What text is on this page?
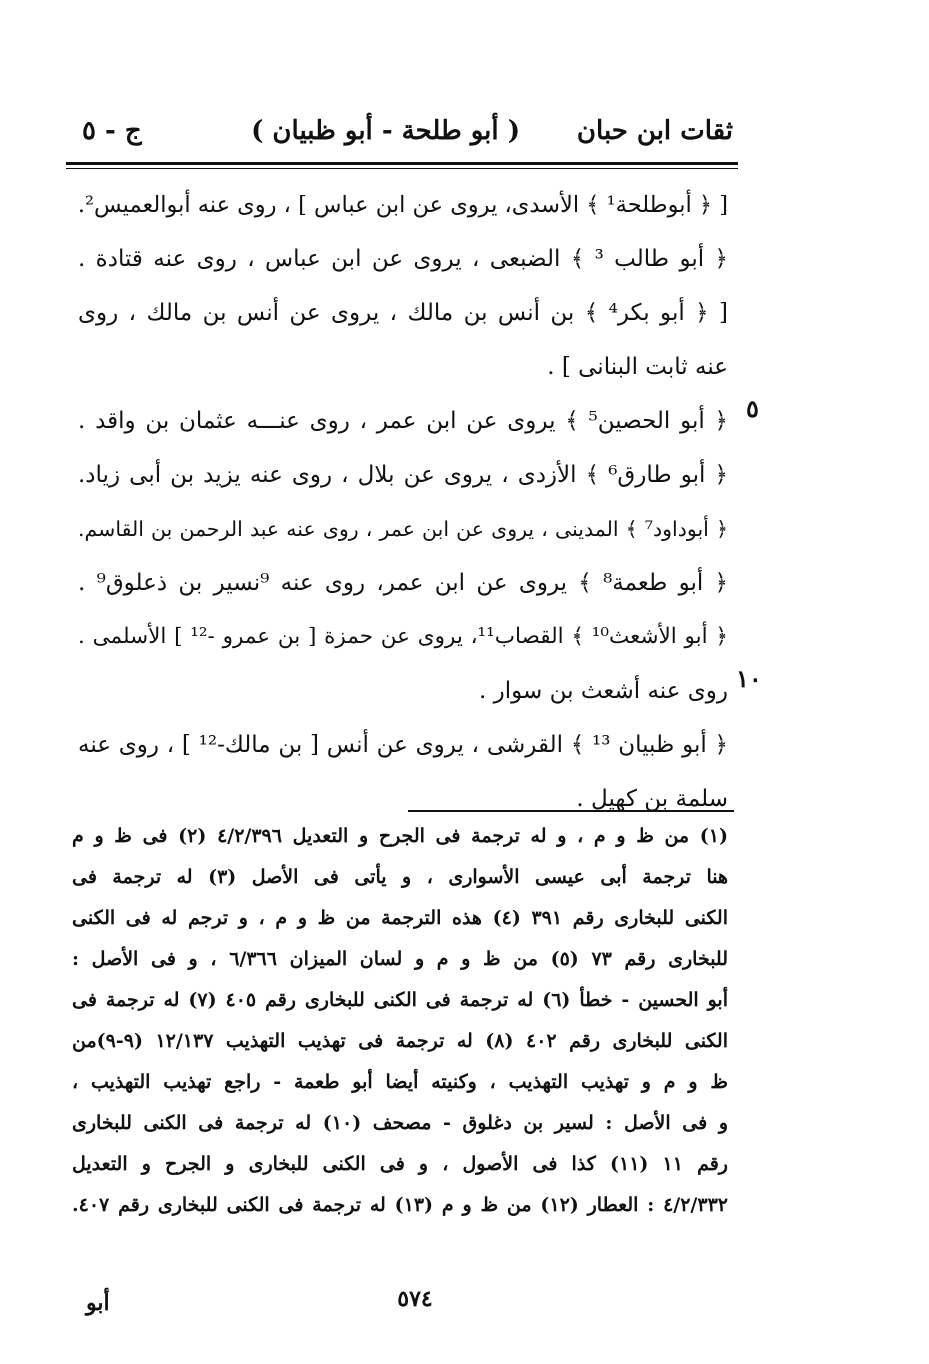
ثقات ابن حبان
( أبو طلحة - أبو ظبيان )
ج - ٥
[ ﴿ أبوطلحة¹ ﴾ الأسدی، يروی عن ابن عباس ] ، روی عنه أبوالعميس².
﴿ أبو طالب ³ ﴾ الضبعی ، يروی عن ابن عباس ، روی عنه قتادة .
[ ﴿ أبو بكر⁴ ﴾ بن أنس بن مالك ، يروی عن أنس بن مالك ، روی
عنه ثابت البنانی ] .
﴿ أبو الحصين⁵ ﴾ يروی عن ابن عمر ، روی عنـــه عثمان بن واقد .
﴿ أبو طارق⁶ ﴾ الأزدی ، يروی عن بلال ، روی عنه يزيد بن أبی زياد.
﴿ أبوداود⁷ ﴾ المدينی ، يروی عن ابن عمر ، روی عنه عبد الرحمن بن القاسم.
﴿ أبو طعمة⁸ ﴾ يروی عن ابن عمر، روی عنه ⁹نسير بن ذعلوق⁹ .
﴿ أبو الأشعث¹⁰ ﴾ القصاب¹¹، يروی عن حمزة [ بن عمرو -¹² ] الأسلمی .
روی عنه أشعث بن سوار .
﴿ أبو ظبيان ¹³ ﴾ القرشی ، يروی عن أنس [ بن مالك-¹² ] ، روی عنه
سلمة بن كهيل .
٥
١٠
(١) من ظ و م ، و له ترجمة فی الجرح و التعديل ٤/٢/٣٩٦ (٢) فی ظ و م
هنا ترجمة أبی عيسى الأسواری ، و يأتی فی الأصل (٣) له ترجمة فی
الكنی للبخاری رقم ٣٩١ (٤) هذه الترجمة من ظ و م ، و ترجم له فی الكنی
للبخاری رقم ٧٣ (٥) من ظ و م و لسان الميزان ٦/٣٦٦ ، و فی الأصل :
أبو الحسين - خطأ (٦) له ترجمة فی الكنی للبخاری رقم ٤٠٥ (٧) له ترجمة فی
الكنی للبخاری رقم ٤٠٢ (٨) له ترجمة فی تهذيب التهذيب ١٢/١٣٧ (٩-٩)من
ظ و م و تهذيب التهذيب ، وكنيته أيضا أبو طعمة - راجع تهذيب التهذيب ،
و فی الأصل : لسير بن دغلوق - مصحف (١٠) له ترجمة فی الكنی للبخاری
رقم ١١ (١١) كذا فی الأصول ، و فی الكنی للبخاری و الجرح و التعديل
٤/٢/٣٣٢ : العطار (١٢) من ظ و م (١٣) له ترجمة فی الكنی للبخاری رقم ٤٠٧.
٥٧٤
أبو
